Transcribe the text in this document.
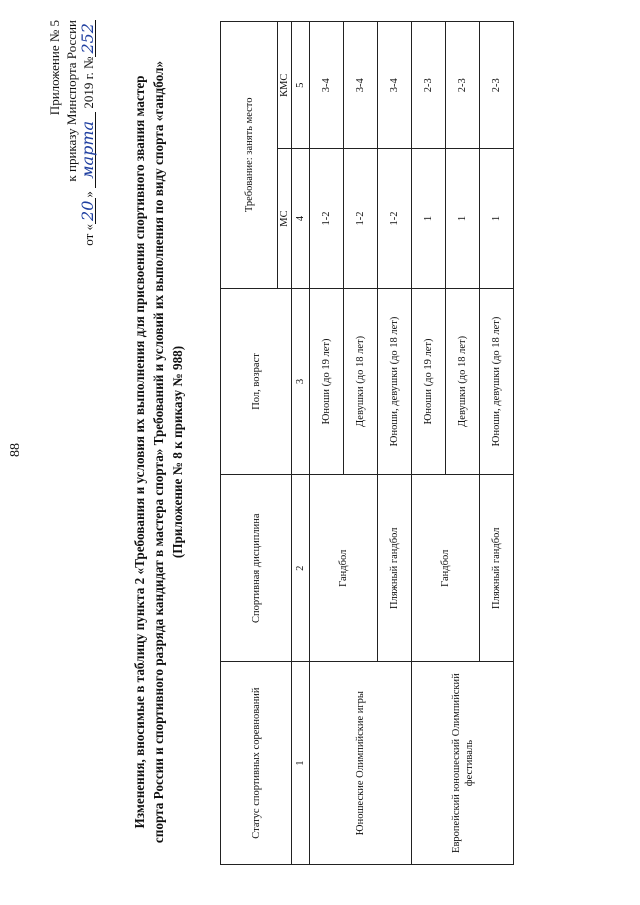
88
Приложение № 5 к приказу Минспорта России
от «20» марта 2019 г. №252
Изменения, вносимые в таблицу пункта 2 «Требования и условия их выполнения для присвоения спортивного звания мастер спорта России и спортивного разряда кандидат в мастера спорта» Требований и условий их выполнения по виду спорта «гандбол» (Приложение № 8 к приказу № 988)
Статус спортивных соревнований	Спортивная дисциплина	Пол, возраст	Требование: занять место	
			МС	КМС
1	2	3	4	5
Юношеские Олимпийские игры	Гандбол	Юноши (до 19 лет)	1-2	3-4
		Девушки (до 18 лет)	1-2	3-4
	Пляжный гандбол	Юноши, девушки (до 18 лет)	1-2	3-4
Европейский юношеский Олимпийский фестиваль	Гандбол	Юноши (до 19 лет)	1	2-3
		Девушки (до 18 лет)	1	2-3
	Пляжный гандбол	Юноши, девушки (до 18 лет)	1	2-3
